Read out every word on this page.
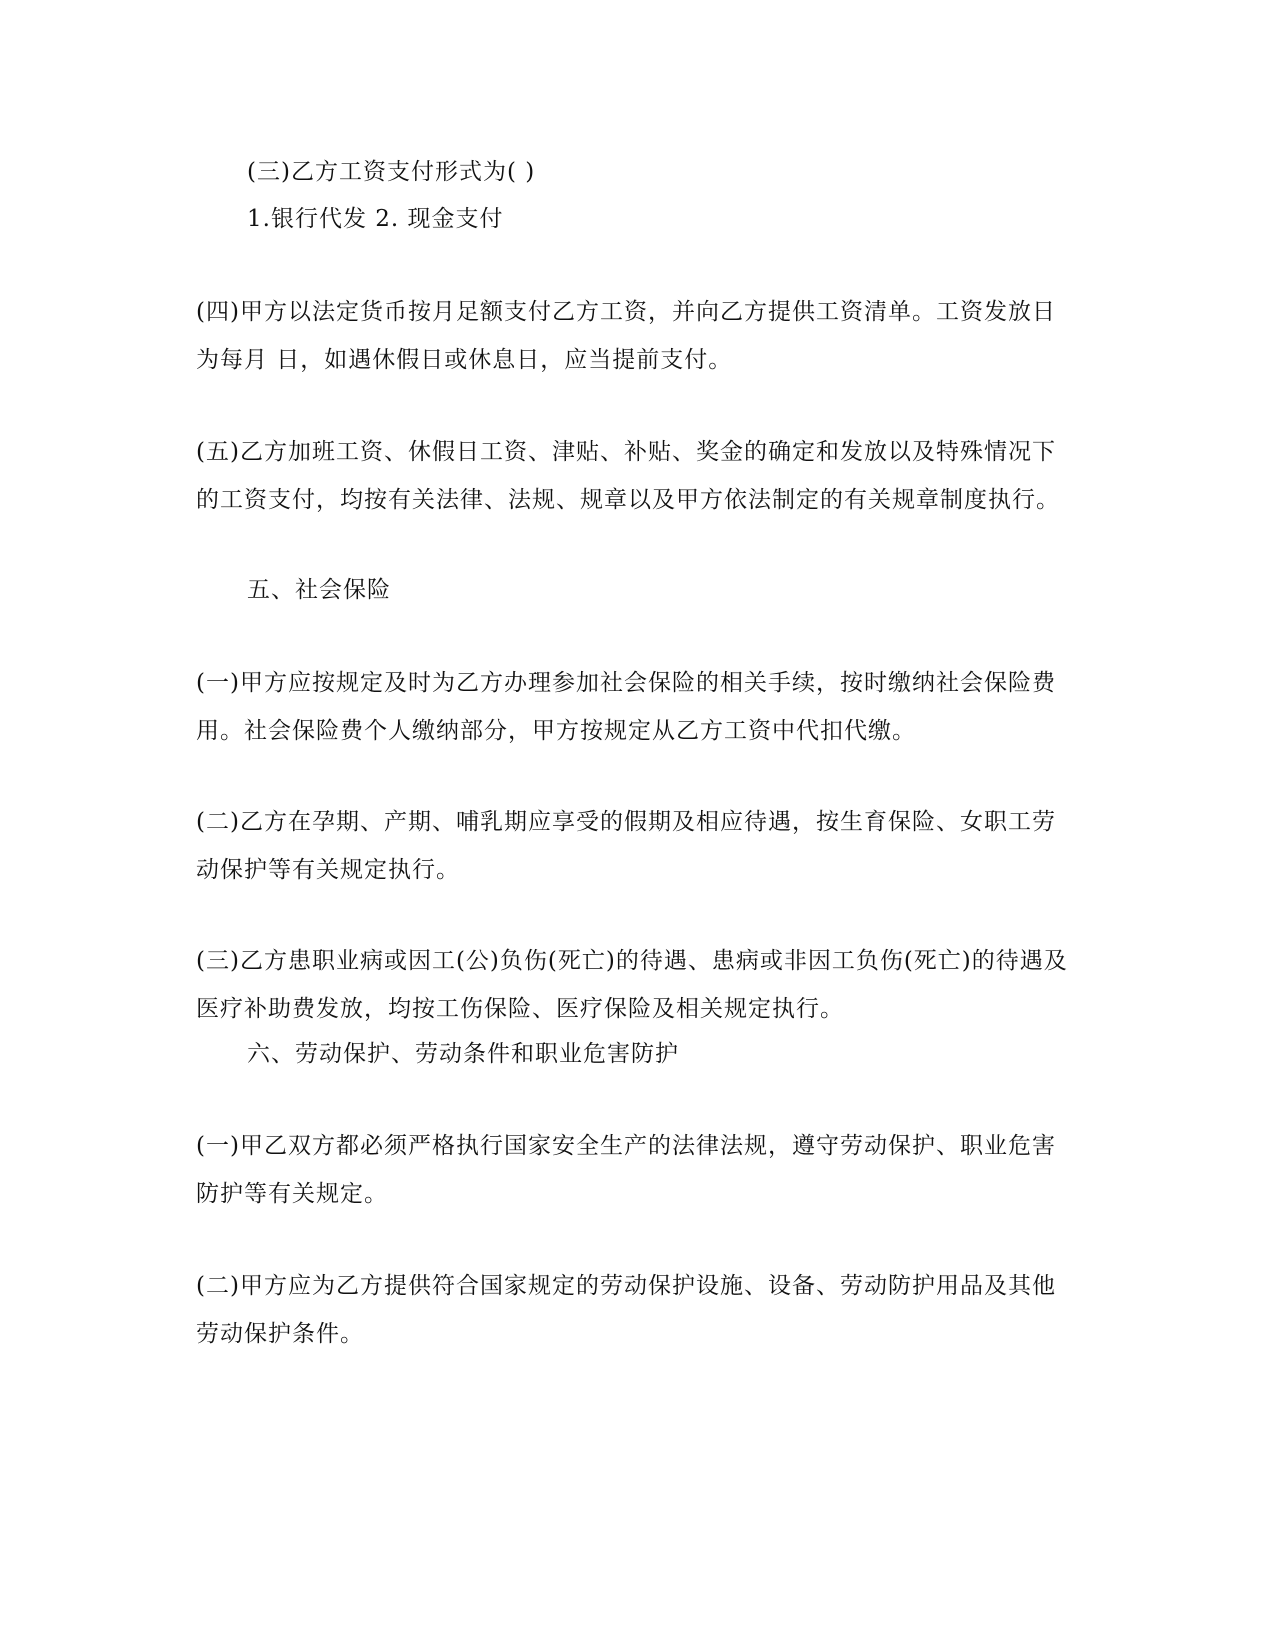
(三)乙方工资支付形式为( )

1.银行代发 2. 现金支付

(四)甲方以法定货币按月足额支付乙方工资，并向乙方提供工资清单。工资发放日为每月 日，如遇休假日或休息日，应当提前支付。

(五)乙方加班工资、休假日工资、津贴、补贴、奖金的确定和发放以及特殊情况下的工资支付，均按有关法律、法规、规章以及甲方依法制定的有关规章制度执行。

五、社会保险

(一)甲方应按规定及时为乙方办理参加社会保险的相关手续，按时缴纳社会保险费用。社会保险费个人缴纳部分，甲方按规定从乙方工资中代扣代缴。

(二)乙方在孕期、产期、哺乳期应享受的假期及相应待遇，按生育保险、女职工劳动保护等有关规定执行。

(三)乙方患职业病或因工(公)负伤(死亡)的待遇、患病或非因工负伤(死亡)的待遇及医疗补助费发放，均按工伤保险、医疗保险及相关规定执行。

六、劳动保护、劳动条件和职业危害防护

(一)甲乙双方都必须严格执行国家安全生产的法律法规，遵守劳动保护、职业危害防护等有关规定。

(二)甲方应为乙方提供符合国家规定的劳动保护设施、设备、劳动防护用品及其他劳动保护条件。
